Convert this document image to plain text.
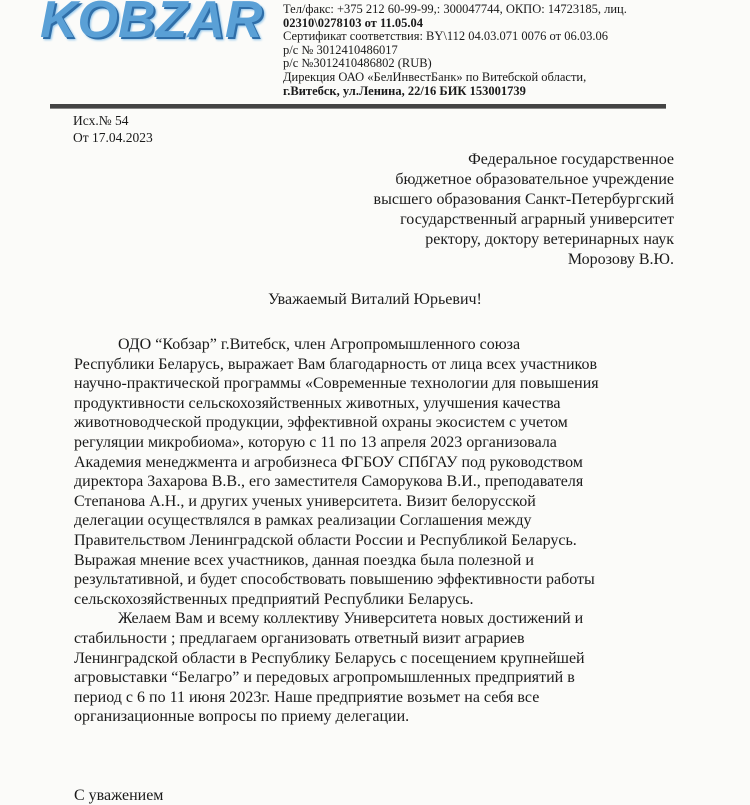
KOBZAR	Тел/факс: +375 212 60-99-99,: 300047744, ОКПО: 14723185, лиц.
02310\0278103 от 11.05.04
Сертификат соответствия: BY\112 04.03.071 0076 от 06.03.06
р/с № 3012410486017
р/с №3012410486802 (RUB)
Дирекция ОАО «БелИнвестБанк» по Витебской области,
г.Витебск, ул.Ленина, 22/16 БИК 153001739
Исх.№ 54
От 17.04.2023
Федеральное государственное
бюджетное образовательное учреждение
высшего образования Санкт-Петербургский
государственный аграрный университет
ректору, доктору ветеринарных наук
Морозову В.Ю.
Уважаемый Виталий Юрьевич!
ОДО “Кобзар” г.Витебск, член Агропромышленного союза
Республики Беларусь, выражает Вам благодарность от лица всех участников
научно-практической программы «Современные технологии для повышения
продуктивности сельскохозяйственных животных, улучшения качества
животноводческой продукции, эффективной охраны экосистем с учетом
регуляции микробиома», которую с 11 по 13 апреля 2023 организовала
Академия менеджмента и агробизнеса ФГБОУ СПбГАУ под руководством
директора Захарова В.В., его заместителя Саморукова В.И., преподавателя
Степанова А.Н., и других ученых университета. Визит белорусской
делегации осуществлялся в рамках реализации Соглашения между
Правительством Ленинградской области России и Республикой Беларусь.
Выражая мнение всех участников, данная поездка была полезной и
результативной, и будет способствовать повышению эффективности работы
сельскохозяйственных предприятий Республики Беларусь.
Желаем Вам и всему коллективу Университета новых достижений и
стабильности ; предлагаем организовать ответный визит аграриев
Ленинградской области в Республику Беларусь с посещением крупнейшей
агровыставки “Белагро” и передовых агропромышленных предприятий в
период с 6 по 11 июня 2023г. Наше предприятие возьмет на себя все
организационные вопросы по приему делегации.
С уважением
